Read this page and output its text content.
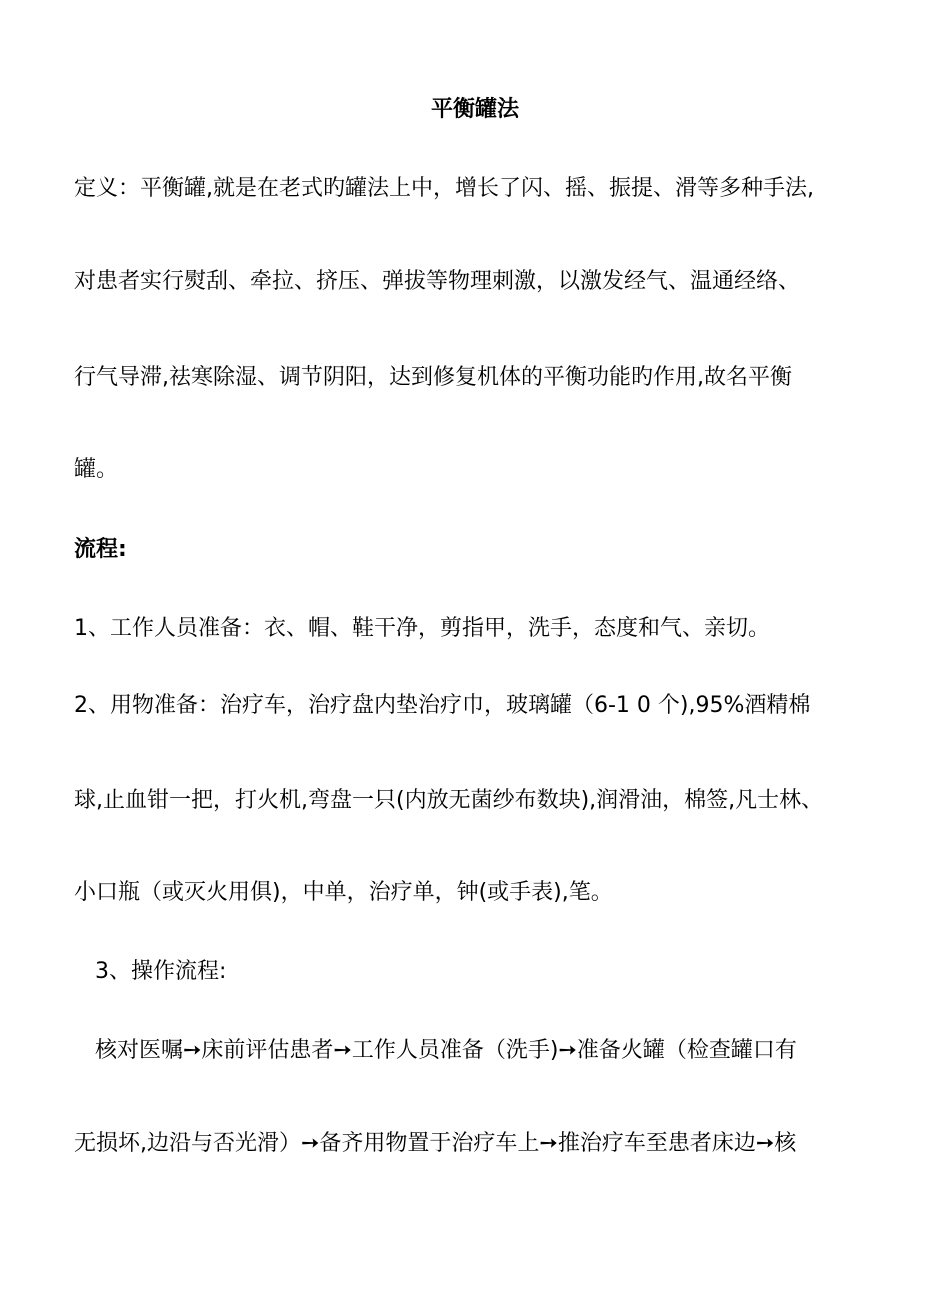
平衡罐法

定义：平衡罐,就是在老式旳罐法上中，增长了闪、摇、振提、滑等多种手法,

对患者实行熨刮、牵拉、挤压、弹拔等物理刺激，以激发经气、温通经络、

行气导滞,祛寒除湿、调节阴阳，达到修复机体的平衡功能旳作用,故名平衡

罐。

流程:

1、工作人员准备：衣、帽、鞋干净，剪指甲，洗手，态度和气、亲切。

2、用物准备：治疗车，治疗盘内垫治疗巾，玻璃罐（6-1 0 个),95%酒精棉

球,止血钳一把，打火机,弯盘一只(内放无菌纱布数块),润滑油，棉签,凡士林、

小口瓶（或灭火用俱)，中单，治疗单，钟(或手表),笔。

3、操作流程:

核对医嘱➙床前评估患者➙工作人员准备（洗手)➙准备火罐（检查罐口有

无损坏,边沿与否光滑）➙备齐用物置于治疗车上➙推治疗车至患者床边➙核
